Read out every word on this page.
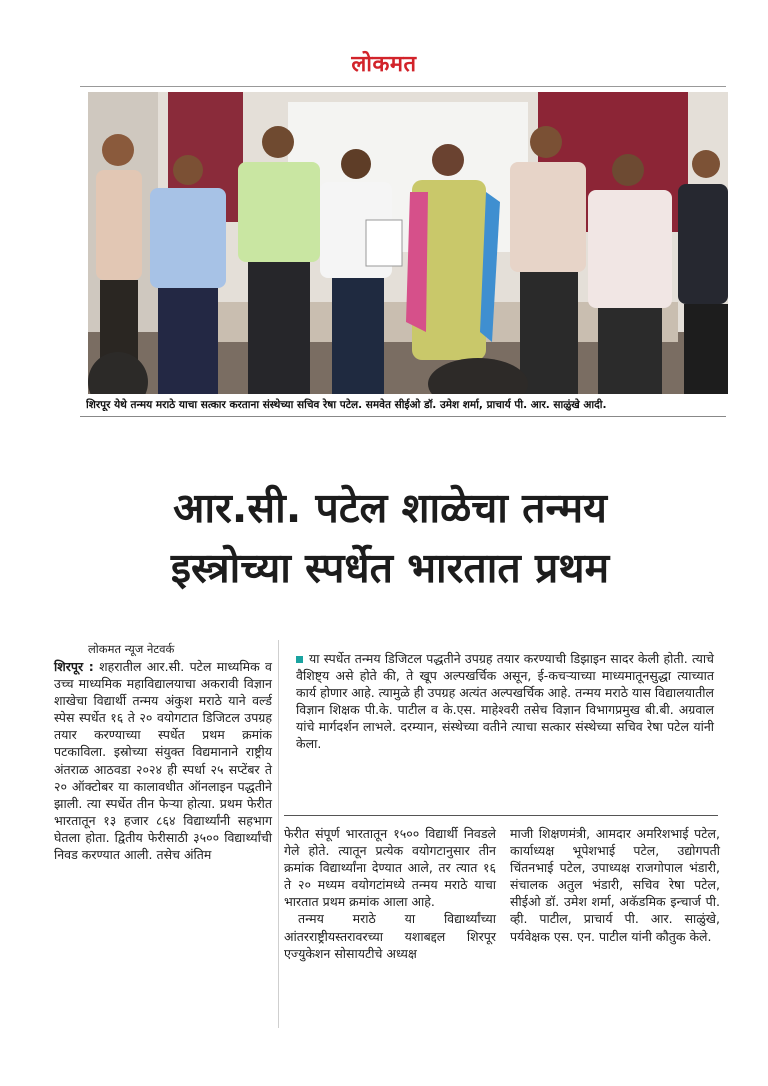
लोकमत
शिरपूर येथे तन्मय मराठे याचा सत्कार करताना संस्थेच्या सचिव रेषा पटेल. समवेत सीईओ डॉ. उमेश शर्मा, प्राचार्य पी. आर. साळुंखे आदी.
आर.सी. पटेल शाळेचा तन्मय
इस्त्रोच्या स्पर्धेत भारतात प्रथम
लोकमत न्यूज नेटवर्क

शिरपूर : शहरातील आर.सी. पटेल माध्यमिक व उच्च माध्यमिक महाविद्यालयाचा अकरावी विज्ञान शाखेचा विद्यार्थी तन्मय अंकुश मराठे याने वर्ल्ड स्पेस स्पर्धेत १६ ते २० वयोगटात डिजिटल उपग्रह तयार करण्याच्या स्पर्धेत प्रथम क्रमांक पटकाविला. इस्रोच्या संयुक्त विद्यमानाने राष्ट्रीय अंतराळ आठवडा २०२४ ही स्पर्धा २५ सप्टेंबर ते २० ऑक्टोबर या कालावधीत ऑनलाइन पद्धतीने झाली. त्या स्पर्धेत तीन फेऱ्या होत्या. प्रथम फेरीत भारतातून १३ हजार ८६४ विद्यार्थ्यांनी सहभाग घेतला होता. द्वितीय फेरीसाठी ३५०० विद्यार्थ्यांची निवड करण्यात आली. तसेच अंतिम

या स्पर्धेत तन्मय डिजिटल पद्धतीने उपग्रह तयार करण्याची डिझाइन सादर केली होती. त्याचे वैशिष्ट्य असे होते की, ते खूप अल्पखर्चिक असून, ई-कचऱ्याच्या माध्यमातूनसुद्धा त्याच्यात कार्य होणार आहे. त्यामुळे ही उपग्रह अत्यंत अल्पखर्चिक आहे. तन्मय मराठे यास विद्यालयातील विज्ञान शिक्षक पी.के. पाटील व के.एस. माहेश्वरी तसेच विज्ञान विभागप्रमुख बी.बी. अग्रवाल यांचे मार्गदर्शन लाभले. दरम्यान, संस्थेच्या वतीने त्याचा सत्कार संस्थेच्या सचिव रेषा पटेल यांनी केला.

फेरीत संपूर्ण भारतातून १५०० विद्यार्थी निवडले गेले होते. त्यातून प्रत्येक वयोगटानुसार तीन क्रमांक विद्यार्थ्यांना देण्यात आले, तर त्यात १६ ते २० मध्यम वयोगटांमध्ये तन्मय मराठे याचा भारतात प्रथम क्रमांक आला आहे.

तन्मय मराठे या विद्यार्थ्यांच्या आंतरराष्ट्रीयस्तरावरच्या यशाबद्दल शिरपूर एज्युकेशन सोसायटीचे अध्यक्ष

माजी शिक्षणमंत्री, आमदार अमरिशभाई पटेल, कार्याध्यक्ष भूपेशभाई पटेल, उद्योगपती चिंतनभाई पटेल, उपाध्यक्ष राजगोपाल भंडारी, संचालक अतुल भंडारी, सचिव रेषा पटेल, सीईओ डॉ. उमेश शर्मा, अकॅडमिक इन्चार्ज पी. व्ही. पाटील, प्राचार्य पी. आर. साळुंखे, पर्यवेक्षक एस. एन. पाटील यांनी कौतुक केले.
